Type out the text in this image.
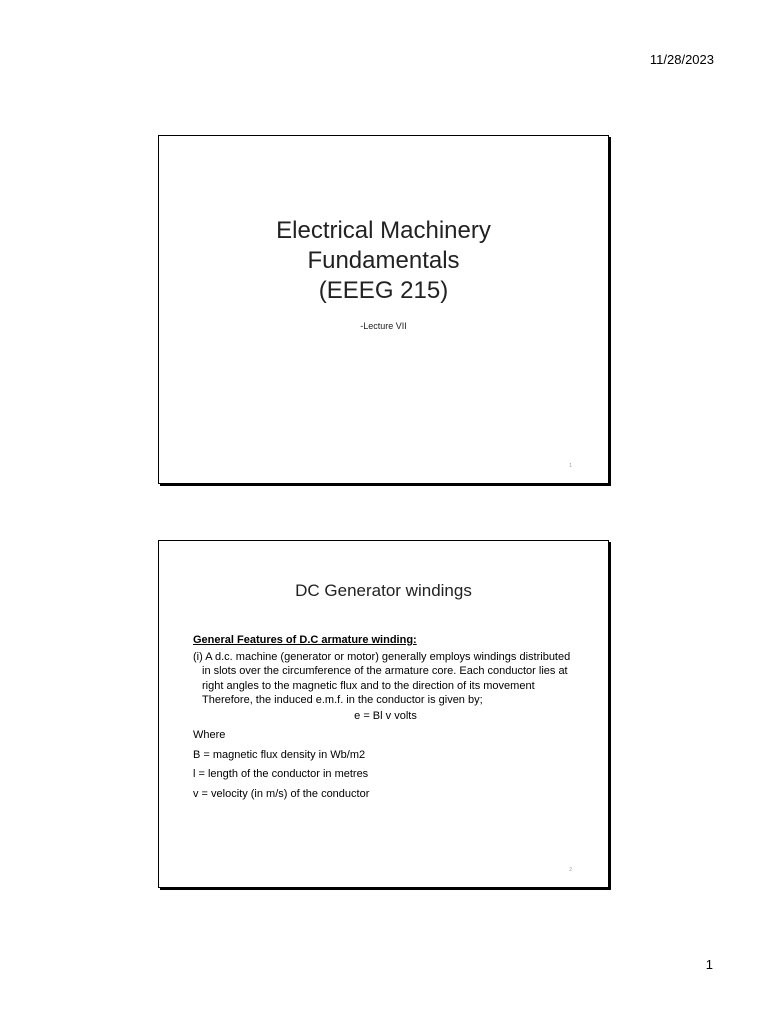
11/28/2023
Electrical Machinery
Fundamentals
(EEEG 215)
-Lecture VII
1
DC Generator windings
General Features of D.C armature winding:
(i) A d.c. machine (generator or motor) generally employs windings distributed in slots over the circumference of the armature core. Each conductor lies at right angles to the magnetic flux and to the direction of its movement Therefore, the induced e.m.f. in the conductor is given by;
e = Bl v volts
Where
B = magnetic flux density in Wb/m2
l = length of the conductor in metres
v = velocity (in m/s) of the conductor
2
1
